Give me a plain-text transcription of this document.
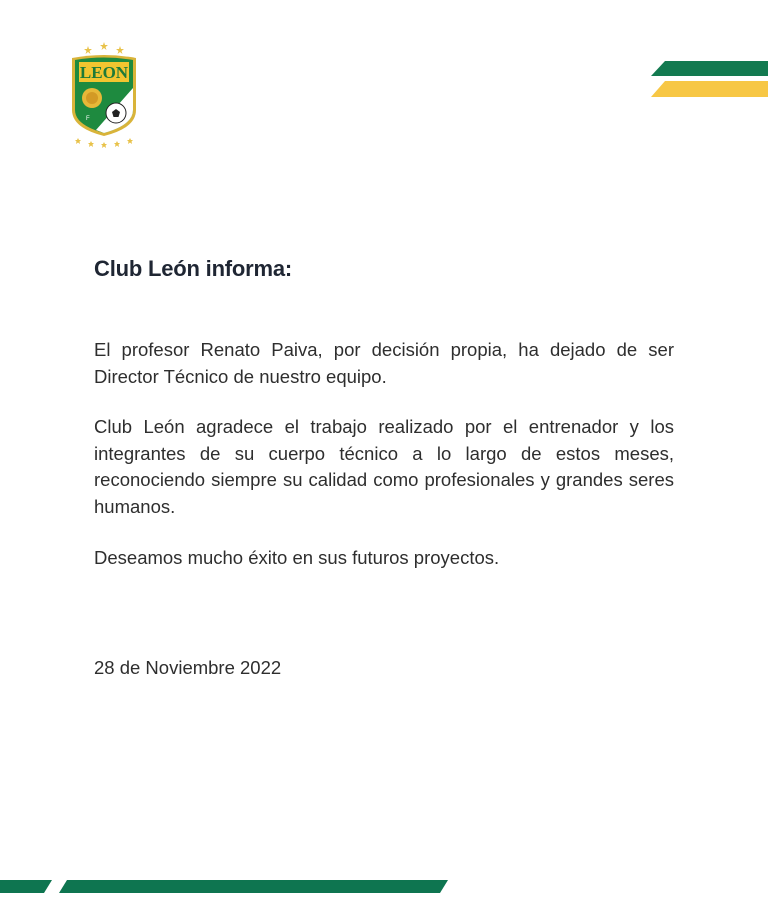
LEON
F
C
Club León informa:
El profesor Renato Paiva, por decisión propia, ha dejado de ser Director Técnico de nuestro equipo.
Club León agradece el trabajo realizado por el entrenador y los integrantes de su cuerpo técnico a lo largo de estos meses, reconociendo siempre su calidad como profesionales y grandes seres humanos.
Deseamos mucho éxito en sus futuros proyectos.
28 de Noviembre 2022
